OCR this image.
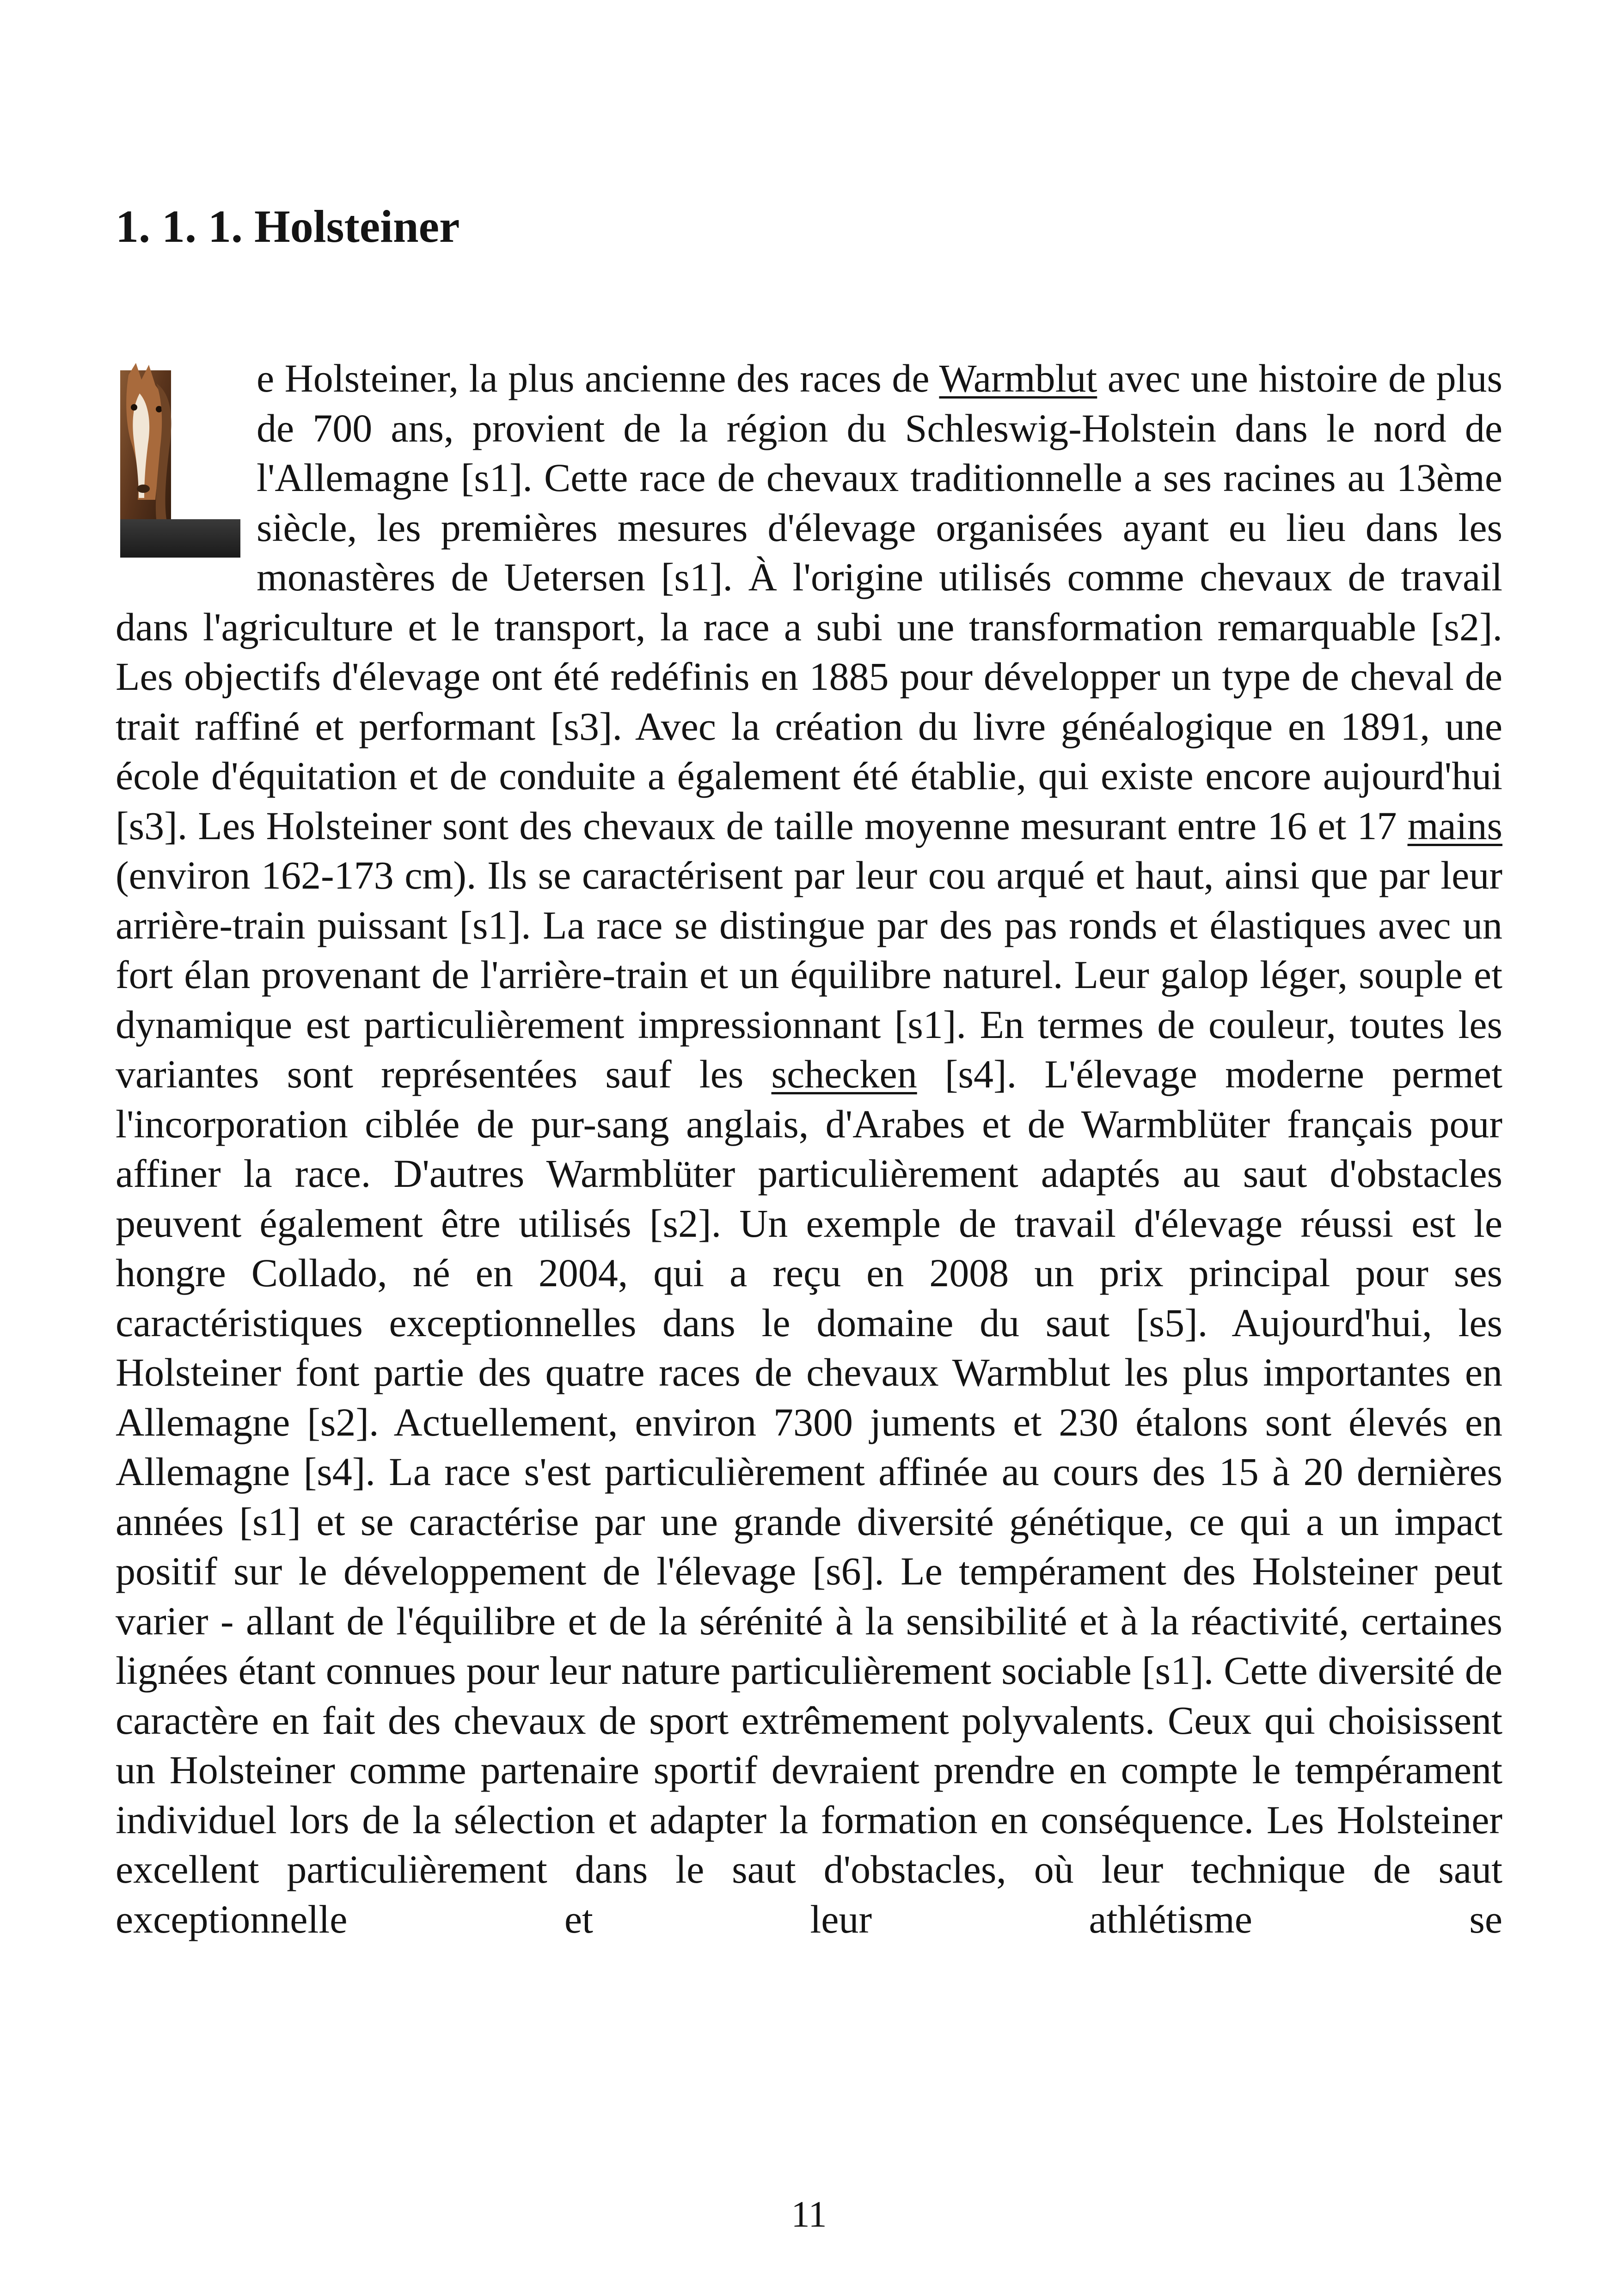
1. 1. 1. Holsteiner

e Holsteiner, la plus ancienne des races de Warmblut avec une histoire de plus de 700 ans, provient de la région du Schleswig-Holstein dans le nord de l'Allemagne [s1]. Cette race de chevaux traditionnelle a ses racines au 13ème siècle, les premières mesures d'élevage organisées ayant eu lieu dans les monastères de Uetersen [s1]. À l'origine utilisés comme chevaux de travail dans l'agriculture et le transport, la race a subi une transformation remarquable [s2]. Les objectifs d'élevage ont été redéfinis en 1885 pour développer un type de cheval de trait raffiné et performant [s3]. Avec la création du livre généalogique en 1891, une école d'équitation et de conduite a également été établie, qui existe encore aujourd'hui [s3]. Les Holsteiner sont des chevaux de taille moyenne mesurant entre 16 et 17 mains (environ 162-173 cm). Ils se caractérisent par leur cou arqué et haut, ainsi que par leur arrière-train puissant [s1]. La race se distingue par des pas ronds et élastiques avec un fort élan provenant de l'arrière-train et un équilibre naturel. Leur galop léger, souple et dynamique est particulièrement impressionnant [s1]. En termes de couleur, toutes les variantes sont représentées sauf les schecken [s4]. L'élevage moderne permet l'incorporation ciblée de pur-sang anglais, d'Arabes et de Warmblüter français pour affiner la race. D'autres Warmblüter particulièrement adaptés au saut d'obstacles peuvent également être utilisés [s2]. Un exemple de travail d'élevage réussi est le hongre Collado, né en 2004, qui a reçu en 2008 un prix principal pour ses caractéristiques exceptionnelles dans le domaine du saut [s5]. Aujourd'hui, les Holsteiner font partie des quatre races de chevaux Warmblut les plus importantes en Allemagne [s2]. Actuellement, environ 7300 juments et 230 étalons sont élevés en Allemagne [s4]. La race s'est particulièrement affinée au cours des 15 à 20 dernières années [s1] et se caractérise par une grande diversité génétique, ce qui a un impact positif sur le développement de l'élevage [s6]. Le tempérament des Holsteiner peut varier - allant de l'équilibre et de la sérénité à la sensibilité et à la réactivité, certaines lignées étant connues pour leur nature particulièrement sociable [s1]. Cette diversité de caractère en fait des chevaux de sport extrêmement polyvalents. Ceux qui choisissent un Holsteiner comme partenaire sportif devraient prendre en compte le tempérament individuel lors de la sélection et adapter la formation en conséquence. Les Holsteiner excellent particulièrement dans le saut d'obstacles, où leur technique de saut exceptionnelle et leur athlétisme se

11
